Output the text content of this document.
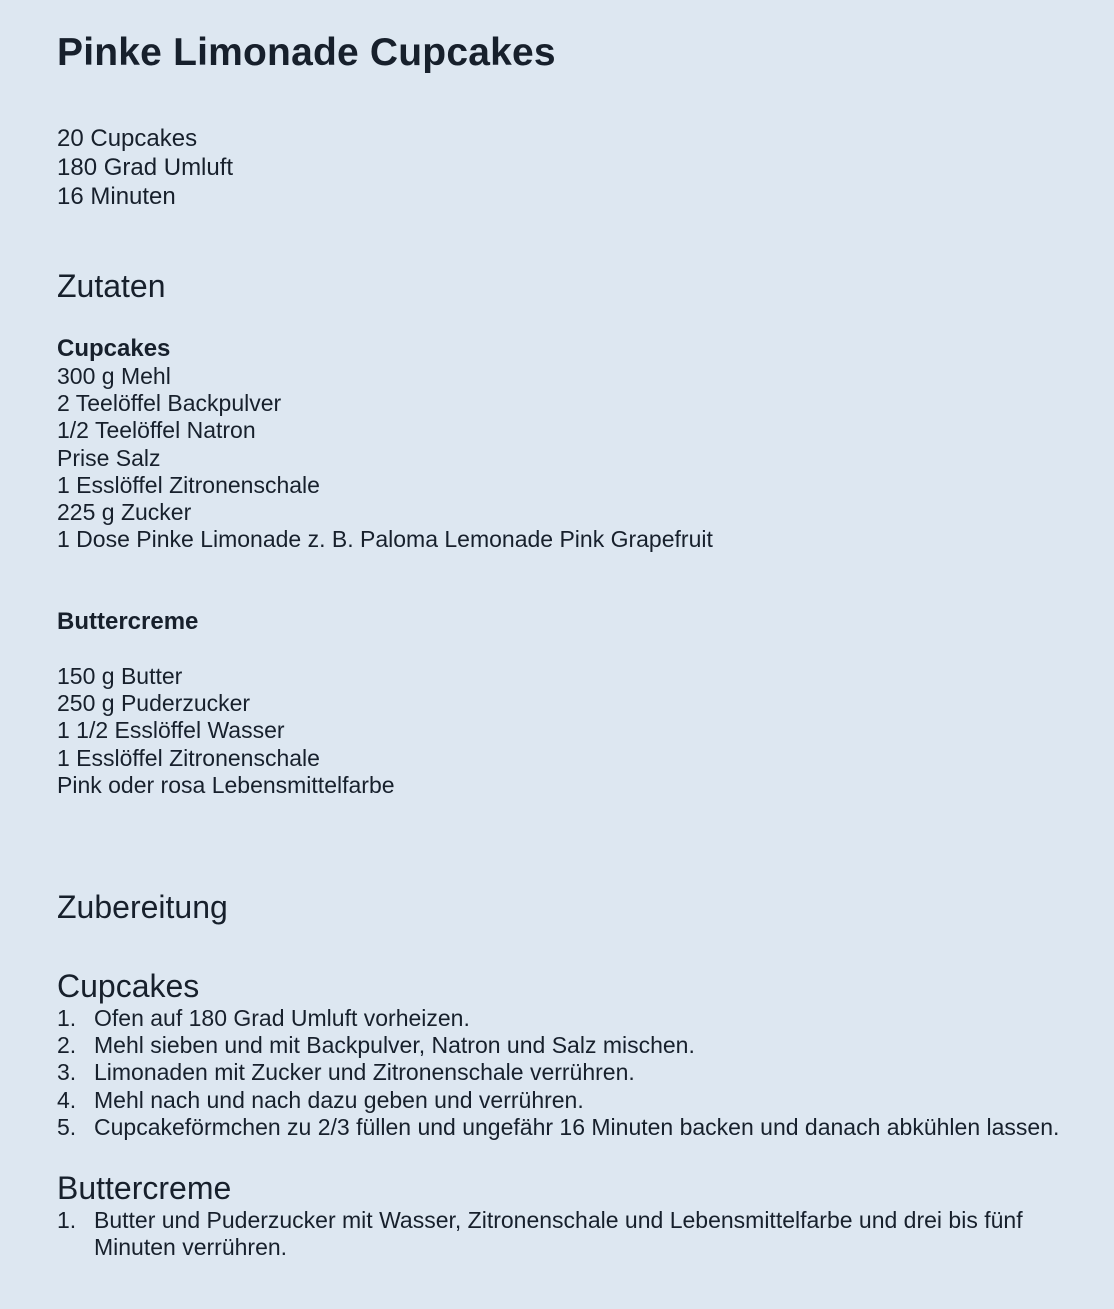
Pinke Limonade Cupcakes
20 Cupcakes
180 Grad Umluft
16 Minuten
Zutaten
Cupcakes
300 g Mehl
2 Teelöffel Backpulver
1/2 Teelöffel Natron
Prise Salz
1 Esslöffel Zitronenschale
225 g Zucker
1 Dose Pinke Limonade z. B. Paloma Lemonade Pink Grapefruit
Buttercreme
150 g Butter
250 g Puderzucker
1 1/2 Esslöffel Wasser
1 Esslöffel Zitronenschale
Pink oder rosa Lebensmittelfarbe
Zubereitung
Cupcakes
1. Ofen auf 180 Grad Umluft vorheizen.
2. Mehl sieben und mit Backpulver, Natron und Salz mischen.
3. Limonaden mit Zucker und Zitronenschale verrühren.
4. Mehl nach und nach dazu geben und verrühren.
5. Cupcakeförmchen zu 2/3 füllen und ungefähr 16 Minuten backen und danach abkühlen lassen.
Buttercreme
1. Butter und Puderzucker mit Wasser, Zitronenschale und Lebensmittelfarbe und drei bis fünf Minuten verrühren.
